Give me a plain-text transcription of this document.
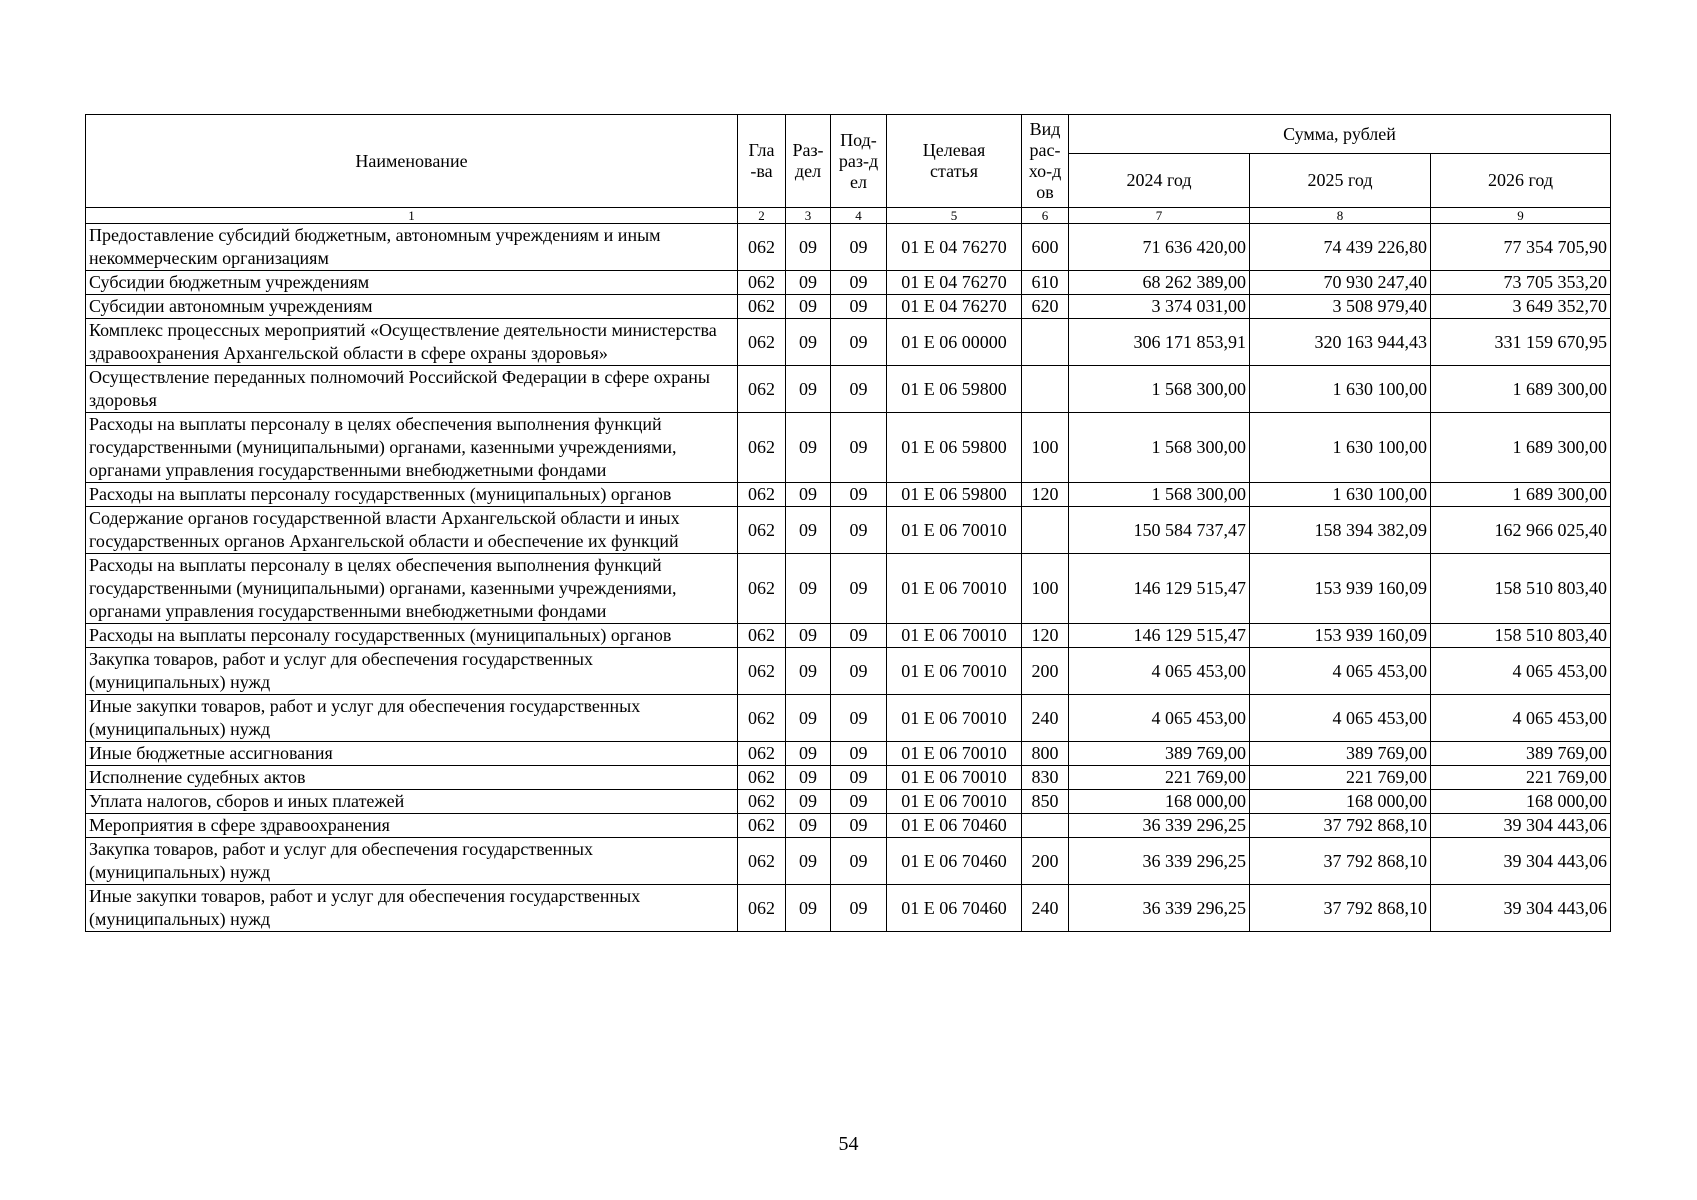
Наименование	Гла-ва	Раз-дел	Под-раз-дел	Целевая статья	Вид рас-хо-дов	Сумма, рублей		
						2024 год	2025 год	2026 год
1	2	3	4	5	6	7	8	9
Предоставление субсидий бюджетным, автономным учреждениям и иным некоммерческим организациям	062	09	09	01 Е 04 76270	600	71 636 420,00	74 439 226,80	77 354 705,90
Субсидии бюджетным учреждениям	062	09	09	01 Е 04 76270	610	68 262 389,00	70 930 247,40	73 705 353,20
Субсидии автономным учреждениям	062	09	09	01 Е 04 76270	620	3 374 031,00	3 508 979,40	3 649 352,70
Комплекс процессных мероприятий «Осуществление деятельности министерства здравоохранения Архангельской области в сфере охраны здоровья»	062	09	09	01 Е 06 00000		306 171 853,91	320 163 944,43	331 159 670,95
Осуществление переданных полномочий Российской Федерации в сфере охраны здоровья	062	09	09	01 Е 06 59800		1 568 300,00	1 630 100,00	1 689 300,00
Расходы на выплаты персоналу в целях обеспечения выполнения функций государственными (муниципальными) органами, казенными учреждениями, органами управления государственными внебюджетными фондами	062	09	09	01 Е 06 59800	100	1 568 300,00	1 630 100,00	1 689 300,00
Расходы на выплаты персоналу государственных (муниципальных) органов	062	09	09	01 Е 06 59800	120	1 568 300,00	1 630 100,00	1 689 300,00
Содержание органов государственной власти Архангельской области и иных государственных органов Архангельской области и обеспечение их функций	062	09	09	01 Е 06 70010		150 584 737,47	158 394 382,09	162 966 025,40
Расходы на выплаты персоналу в целях обеспечения выполнения функций государственными (муниципальными) органами, казенными учреждениями, органами управления государственными внебюджетными фондами	062	09	09	01 Е 06 70010	100	146 129 515,47	153 939 160,09	158 510 803,40
Расходы на выплаты персоналу государственных (муниципальных) органов	062	09	09	01 Е 06 70010	120	146 129 515,47	153 939 160,09	158 510 803,40
Закупка товаров, работ и услуг для обеспечения государственных (муниципальных) нужд	062	09	09	01 Е 06 70010	200	4 065 453,00	4 065 453,00	4 065 453,00
Иные закупки товаров, работ и услуг для обеспечения государственных (муниципальных) нужд	062	09	09	01 Е 06 70010	240	4 065 453,00	4 065 453,00	4 065 453,00
Иные бюджетные ассигнования	062	09	09	01 Е 06 70010	800	389 769,00	389 769,00	389 769,00
Исполнение судебных актов	062	09	09	01 Е 06 70010	830	221 769,00	221 769,00	221 769,00
Уплата налогов, сборов и иных платежей	062	09	09	01 Е 06 70010	850	168 000,00	168 000,00	168 000,00
Мероприятия в сфере здравоохранения	062	09	09	01 Е 06 70460		36 339 296,25	37 792 868,10	39 304 443,06
Закупка товаров, работ и услуг для обеспечения государственных (муниципальных) нужд	062	09	09	01 Е 06 70460	200	36 339 296,25	37 792 868,10	39 304 443,06
Иные закупки товаров, работ и услуг для обеспечения государственных (муниципальных) нужд	062	09	09	01 Е 06 70460	240	36 339 296,25	37 792 868,10	39 304 443,06
54
